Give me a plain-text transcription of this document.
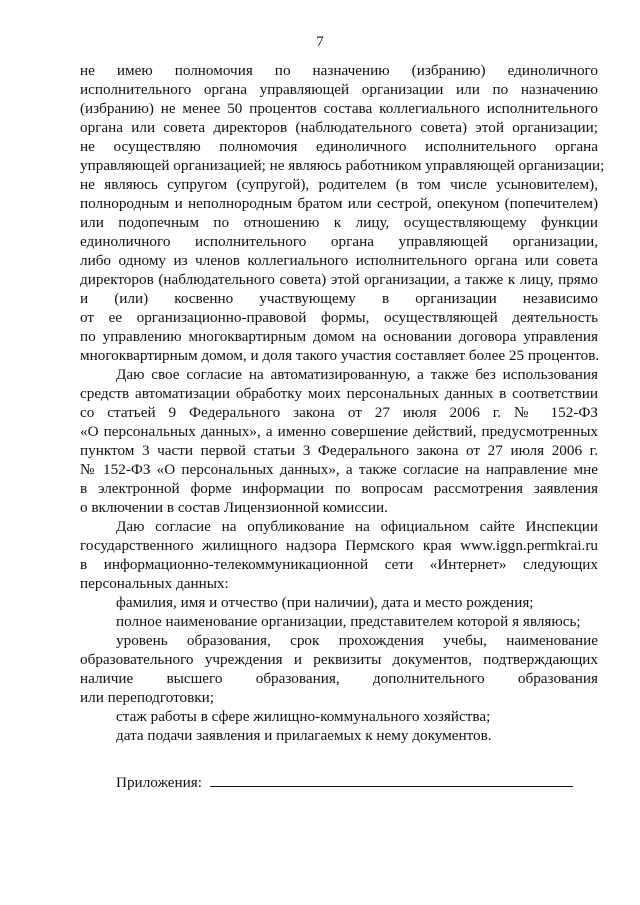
7
не имею полномочия по назначению (избранию) единоличного
исполнительного органа управляющей организации или по назначению
(избранию) не менее 50 процентов состава коллегиального исполнительного
органа или совета директоров (наблюдательного совета) этой организации;
не осуществляю полномочия единоличного исполнительного органа
управляющей организацией; не являюсь работником управляющей организации;
не являюсь супругом (супругой), родителем (в том числе усыновителем),
полнородным и неполнородным братом или сестрой, опекуном (попечителем)
или подопечным по отношению к лицу, осуществляющему функции
единоличного исполнительного органа управляющей организации,
либо одному из членов коллегиального исполнительного органа или совета
директоров (наблюдательного совета) этой организации, а также к лицу, прямо
и (или) косвенно участвующему в организации независимо
от ее организационно-правовой формы, осуществляющей деятельность
по управлению многоквартирным домом на основании договора управления
многоквартирным домом, и доля такого участия составляет более 25 процентов.
Даю свое согласие на автоматизированную, а также без использования
средств автоматизации обработку моих персональных данных в соответствии
со статьей 9 Федерального закона от 27 июля 2006 г. № 152-ФЗ
«О персональных данных», а именно совершение действий, предусмотренных
пунктом 3 части первой статьи 3 Федерального закона от 27 июля 2006 г.
№ 152-ФЗ «О персональных данных», а также согласие на направление мне
в электронной форме информации по вопросам рассмотрения заявления
о включении в состав Лицензионной комиссии.
Даю согласие на опубликование на официальном сайте Инспекции
государственного жилищного надзора Пермского края www.iggn.permkrai.ru
в информационно-телекоммуникационной сети «Интернет» следующих
персональных данных:
фамилия, имя и отчество (при наличии), дата и место рождения;
полное наименование организации, представителем которой я являюсь;
уровень образования, срок прохождения учебы, наименование
образовательного учреждения и реквизиты документов, подтверждающих
наличие высшего образования, дополнительного образования
или переподготовки;
стаж работы в сфере жилищно-коммунального хозяйства;
дата подачи заявления и прилагаемых к нему документов.
Приложения:
